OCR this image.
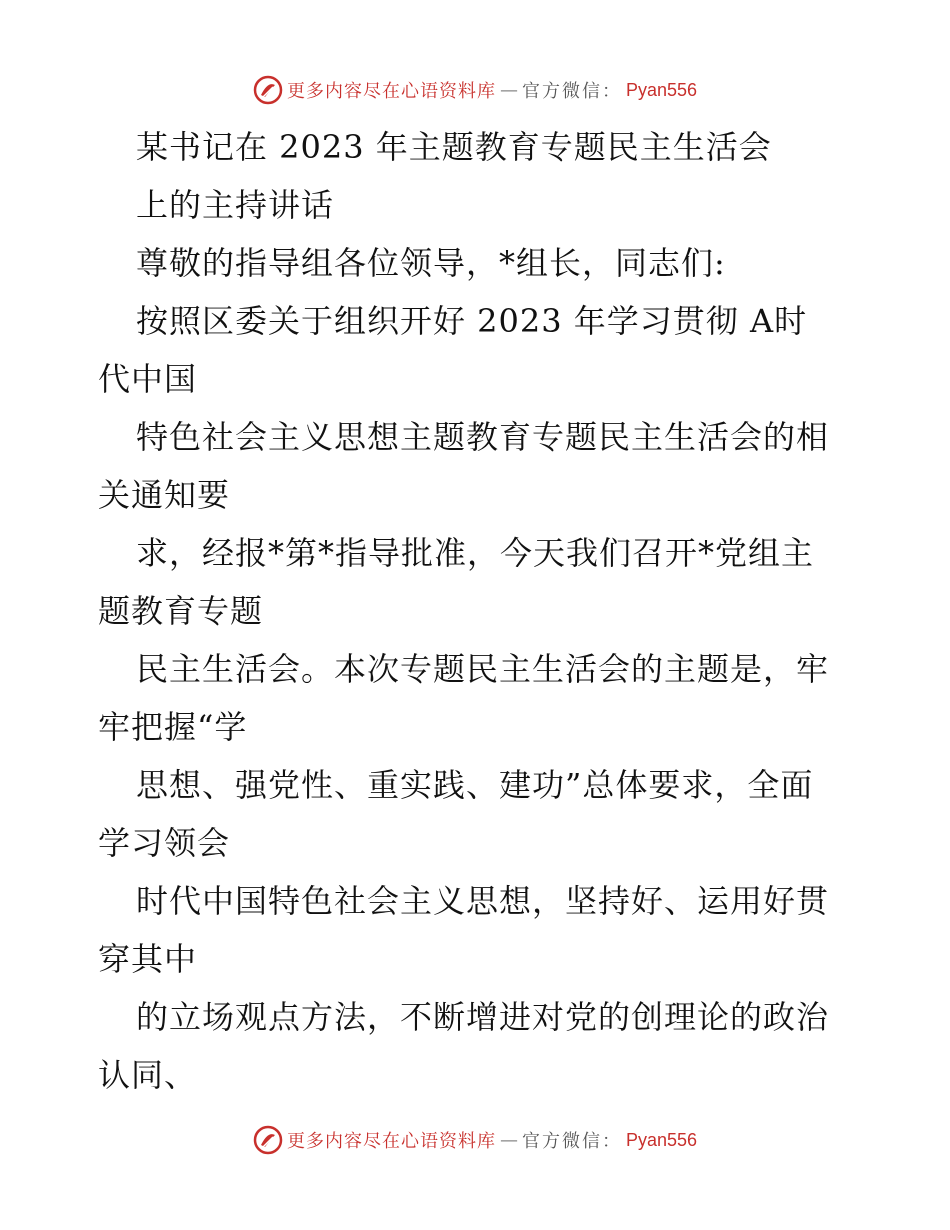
更多内容尽在心语资料库 — 官方微信： Pyan556
某书记在 2023 年主题教育专题民主生活会
上的主持讲话
尊敬的指导组各位领导，*组长，同志们:
按照区委关于组织开好 2023 年学习贯彻 A时
代中国
特色社会主义思想主题教育专题民主生活会的相
关通知要
求，经报*第*指导批准，今天我们召开*党组主
题教育专题
民主生活会。本次专题民主生活会的主题是，牢
牢把握“学
思想、强党性、重实践、建功”总体要求，全面
学习领会
时代中国特色社会主义思想，坚持好、运用好贯
穿其中
的立场观点方法，不断增进对党的创理论的政治
认同、
更多内容尽在心语资料库 — 官方微信： Pyan556
